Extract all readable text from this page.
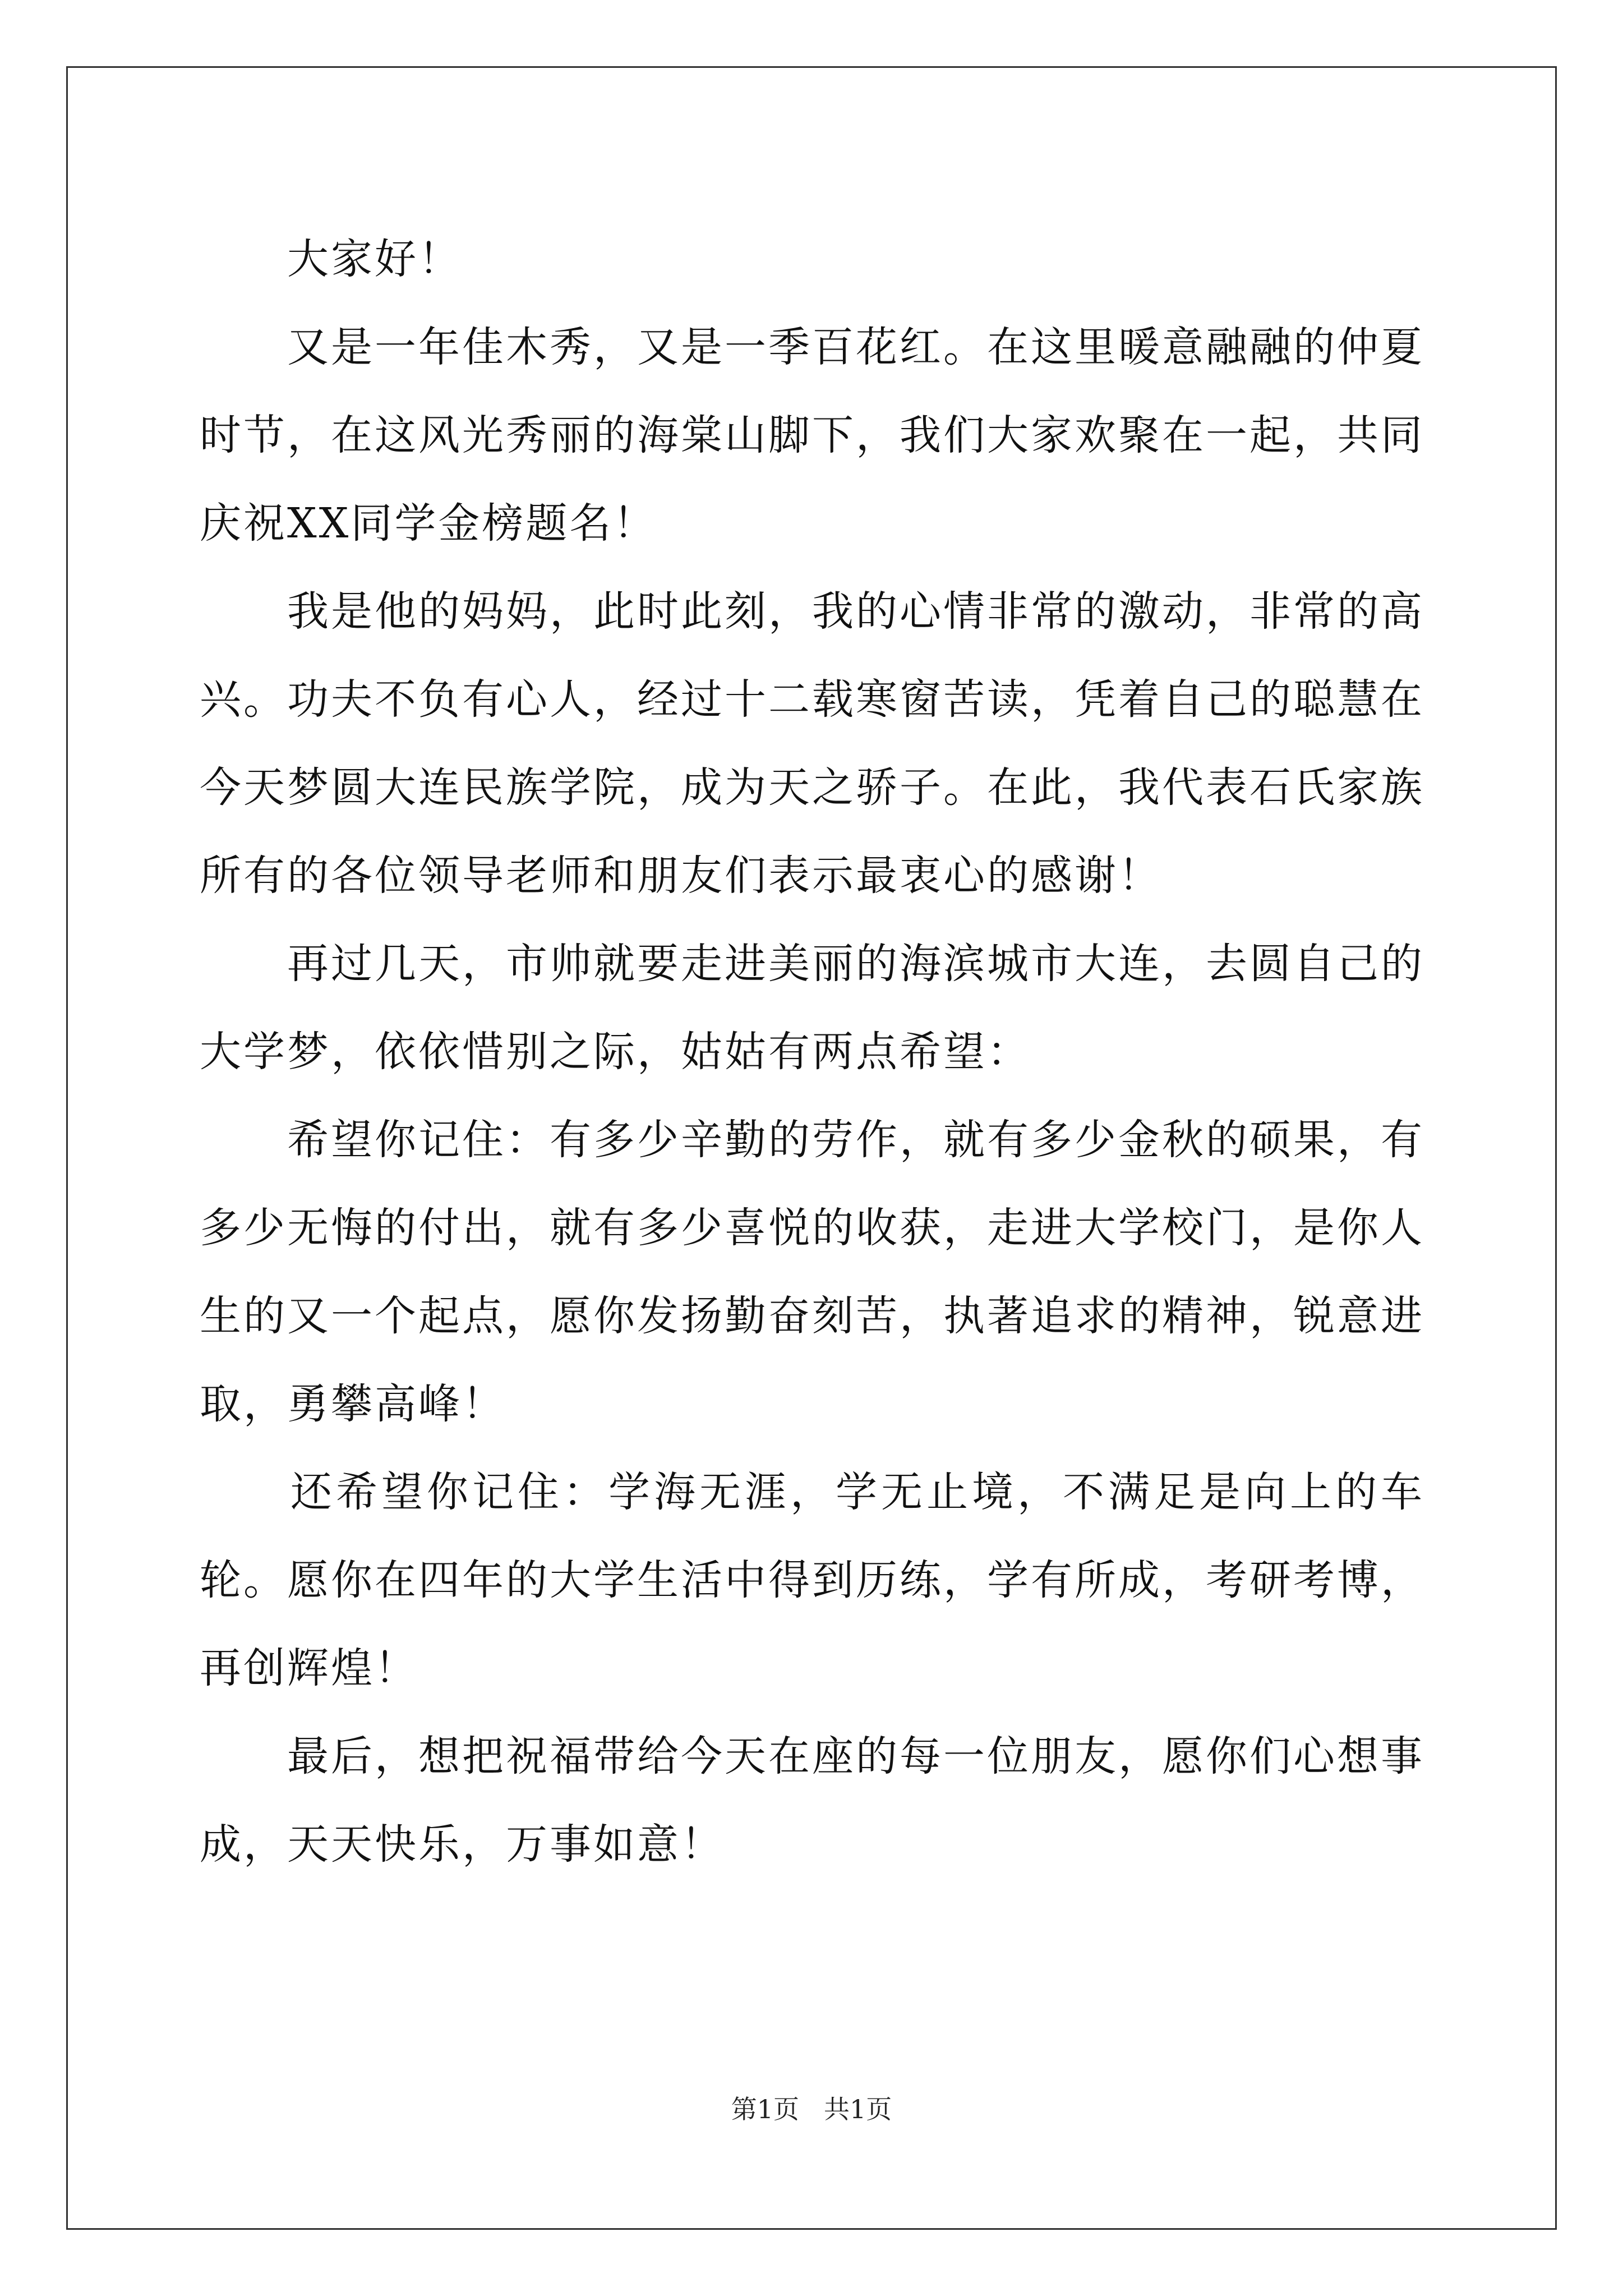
　　大家好！

　　又是一年佳木秀，又是一季百花红。在这里暖意融融的仲夏时节，在这风光秀丽的海棠山脚下，我们大家欢聚在一起，共同庆祝XX同学金榜题名！

　　我是他的妈妈，此时此刻，我的心情非常的激动，非常的高兴。功夫不负有心人，经过十二载寒窗苦读，凭着自己的聪慧在今天梦圆大连民族学院，成为天之骄子。在此，我代表石氏家族所有的各位领导老师和朋友们表示最衷心的感谢！

　　再过几天，市帅就要走进美丽的海滨城市大连，去圆自己的大学梦，依依惜别之际，姑姑有两点希望：

　　希望你记住：有多少辛勤的劳作，就有多少金秋的硕果，有多少无悔的付出，就有多少喜悦的收获，走进大学校门，是你人生的又一个起点，愿你发扬勤奋刻苦，执著追求的精神，锐意进取，勇攀高峰！

　　还希望你记住：学海无涯，学无止境，不满足是向上的车轮。愿你在四年的大学生活中得到历练，学有所成，考研考博，再创辉煌！

　　最后，想把祝福带给今天在座的每一位朋友，愿你们心想事成，天天快乐，万事如意！

第1页 共1页
